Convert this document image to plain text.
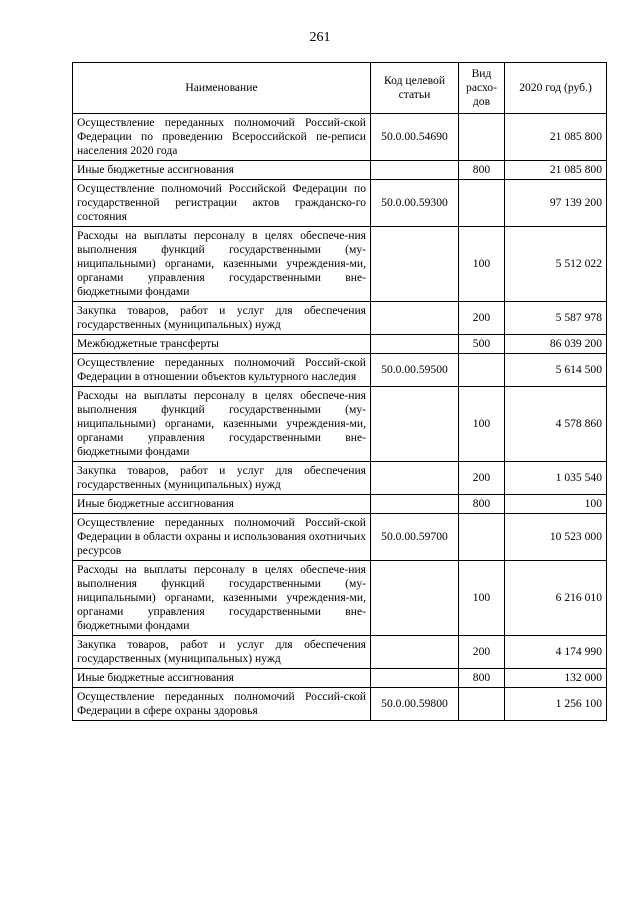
261
Наименование	Код целевой статьи	Вид расхо-дов	2020 год (руб.)
Осуществление переданных полномочий Россий-ской Федерации по проведению Всероссийской пе-реписи населения 2020 года	50.0.00.54690		21 085 800
Иные бюджетные ассигнования		800	21 085 800
Осуществление полномочий Российской Федерации по государственной регистрации актов гражданско-го состояния	50.0.00.59300		97 139 200
Расходы на выплаты персоналу в целях обеспече-ния выполнения функций государственными (му-ниципальными) органами, казенными учреждения-ми, органами управления государственными вне-бюджетными фондами		100	5 512 022
Закупка товаров, работ и услуг для обеспечения государственных (муниципальных) нужд		200	5 587 978
Межбюджетные трансферты		500	86 039 200
Осуществление переданных полномочий Россий-ской Федерации в отношении объектов культурного наследия	50.0.00.59500		5 614 500
Расходы на выплаты персоналу в целях обеспече-ния выполнения функций государственными (му-ниципальными) органами, казенными учреждения-ми, органами управления государственными вне-бюджетными фондами		100	4 578 860
Закупка товаров, работ и услуг для обеспечения государственных (муниципальных) нужд		200	1 035 540
Иные бюджетные ассигнования		800	100
Осуществление переданных полномочий Россий-ской Федерации в области охраны и использования охотничьих ресурсов	50.0.00.59700		10 523 000
Расходы на выплаты персоналу в целях обеспече-ния выполнения функций государственными (му-ниципальными) органами, казенными учреждения-ми, органами управления государственными вне-бюджетными фондами		100	6 216 010
Закупка товаров, работ и услуг для обеспечения государственных (муниципальных) нужд		200	4 174 990
Иные бюджетные ассигнования		800	132 000
Осуществление переданных полномочий Россий-ской Федерации в сфере охраны здоровья	50.0.00.59800		1 256 100
